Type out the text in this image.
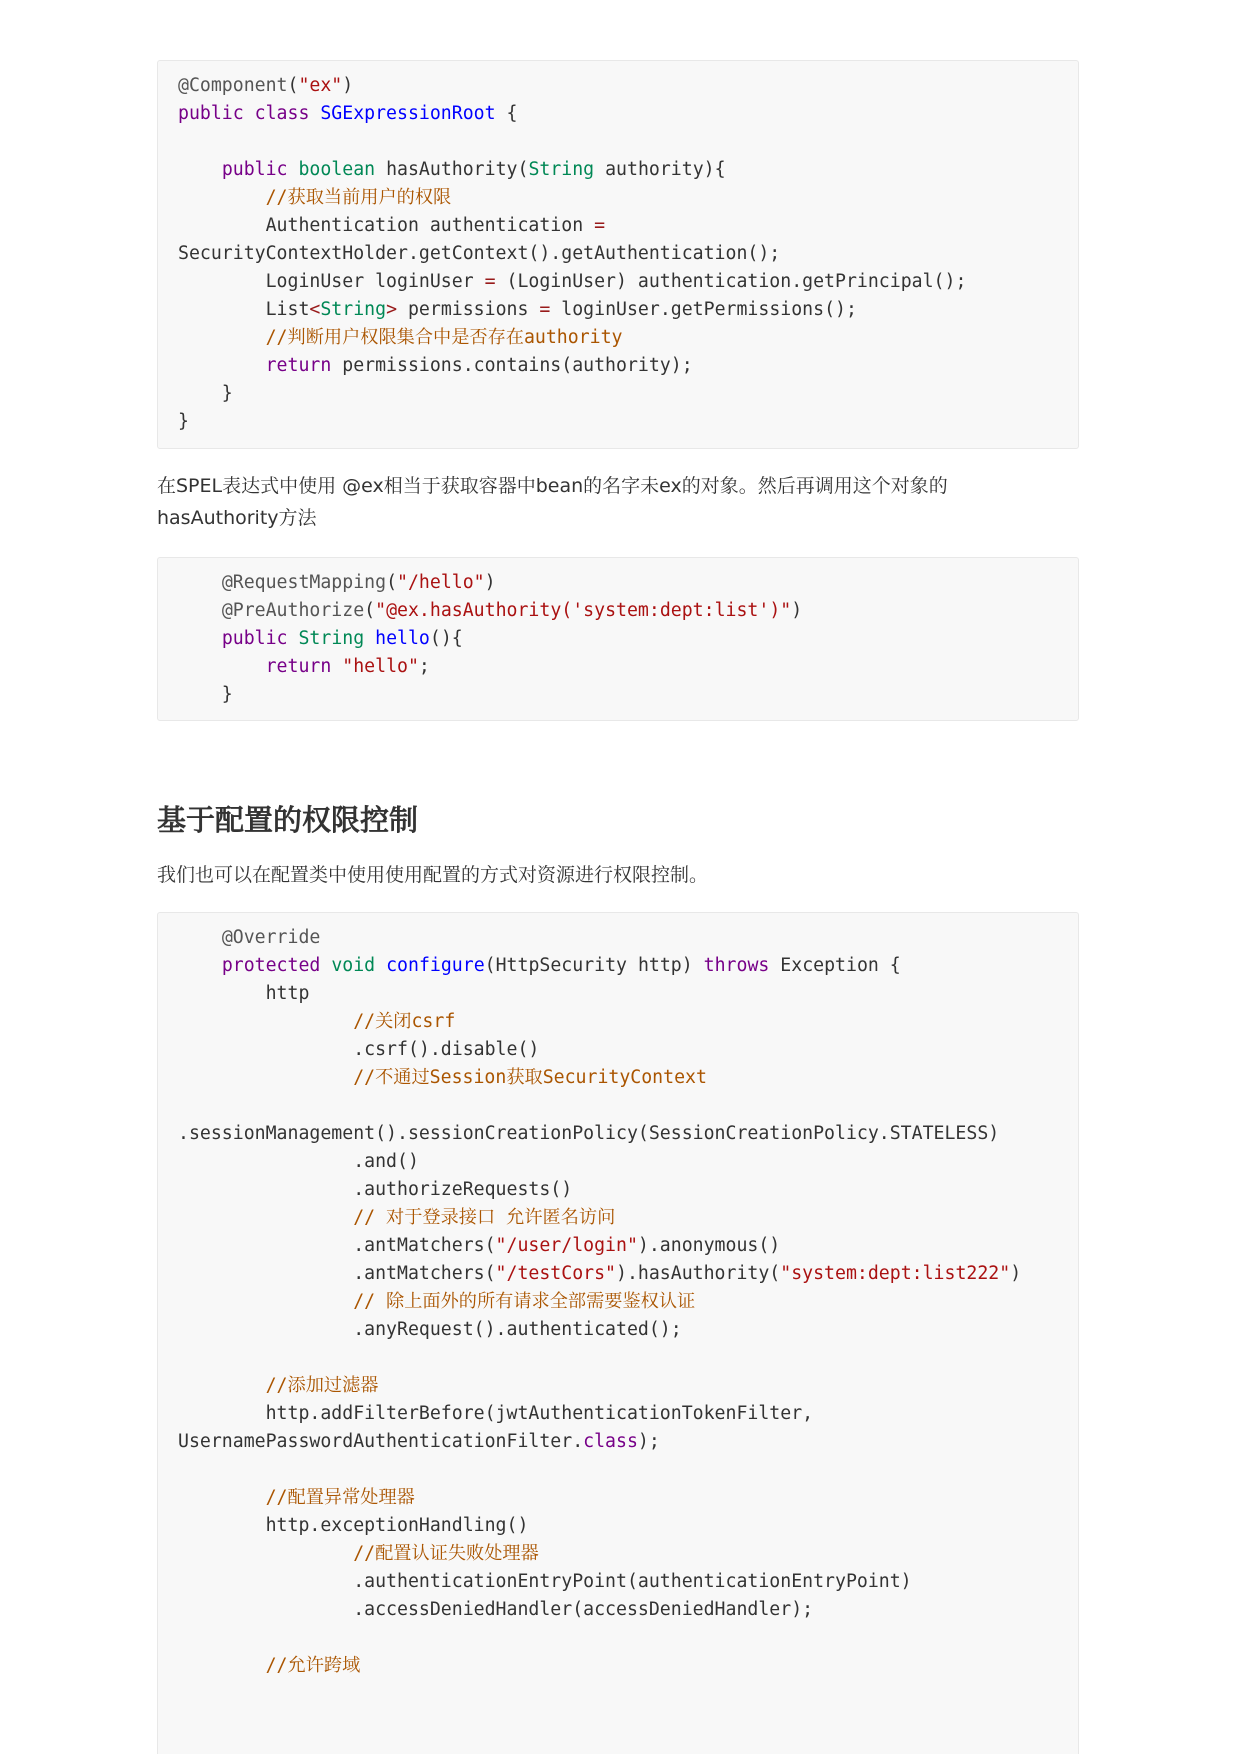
@Component("ex")
public class SGExpressionRoot {
public boolean hasAuthority(String authority){
//获取当前用户的权限
Authentication authentication =
SecurityContextHolder.getContext().getAuthentication();
LoginUser loginUser = (LoginUser) authentication.getPrincipal();
List<String> permissions = loginUser.getPermissions();
//判断用户权限集合中是否存在authority
return permissions.contains(authority);
}
}

在SPEL表达式中使用 @ex相当于获取容器中bean的名字未ex的对象。然后再调用这个对象的
hasAuthority方法

@RequestMapping("/hello")
@PreAuthorize("@ex.hasAuthority('system:dept:list')")
public String hello(){
return "hello";
}
基于配置的权限控制

我们也可以在配置类中使用使用配置的方式对资源进行权限控制。

@Override
protected void configure(HttpSecurity http) throws Exception {
http
//关闭csrf
.csrf().disable()
//不通过Session获取SecurityContext
.sessionManagement().sessionCreationPolicy(SessionCreationPolicy.STATELESS)
.and()
.authorizeRequests()
// 对于登录接口 允许匿名访问
.antMatchers("/user/login").anonymous()
.antMatchers("/testCors").hasAuthority("system:dept:list222")
// 除上面外的所有请求全部需要鉴权认证
.anyRequest().authenticated();
//添加过滤器
http.addFilterBefore(jwtAuthenticationTokenFilter,
UsernamePasswordAuthenticationFilter.class);
//配置异常处理器
http.exceptionHandling()
//配置认证失败处理器
.authenticationEntryPoint(authenticationEntryPoint)
.accessDeniedHandler(accessDeniedHandler);
//允许跨域
